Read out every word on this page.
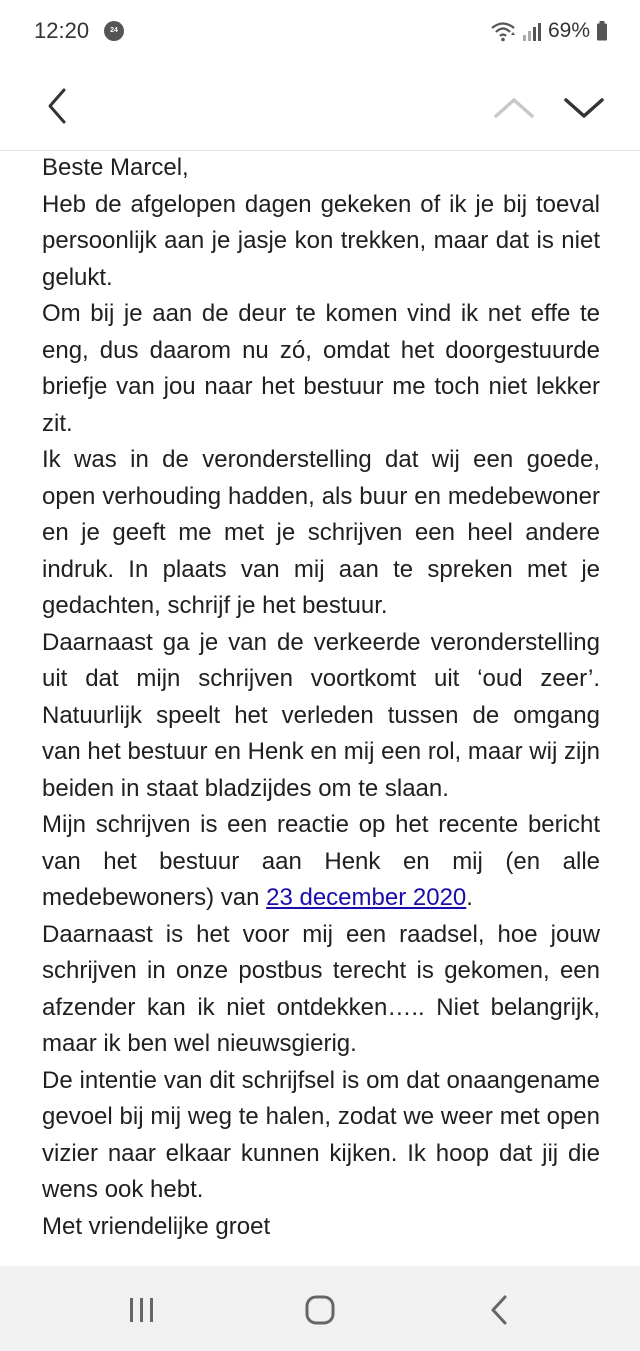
12:20	24 DAILY
69%

Beste Marcel,

Heb de afgelopen dagen gekeken of ik je bij toeval persoonlijk aan je jasje kon trekken, maar dat is niet gelukt.

Om bij je aan de deur te komen vind ik net effe te eng, dus daarom nu zó, omdat het doorgestuurde briefje van jou naar het bestuur me toch niet lekker zit.

Ik was in de veronderstelling dat wij een goede, open verhouding hadden, als buur en medebewoner en je geeft me met je schrijven een heel andere indruk. In plaats van mij aan te spreken met je gedachten, schrijf je het bestuur.

Daarnaast ga je van de verkeerde veronderstelling uit dat mijn schrijven voortkomt uit ‘oud zeer’. Natuurlijk speelt het verleden tussen de omgang van het bestuur en Henk en mij een rol, maar wij zijn beiden in staat bladzijdes om te slaan.

Mijn schrijven is een reactie op het recente bericht van het bestuur aan Henk en mij (en alle medebewoners) van 23 december 2020.

Daarnaast is het voor mij een raadsel, hoe jouw schrijven in onze postbus terecht is gekomen, een afzender kan ik niet ontdekken….. Niet belangrijk, maar ik ben wel nieuwsgierig.

De intentie van dit schrijfsel is om dat onaangename gevoel bij mij weg te halen, zodat we weer met open vizier naar elkaar kunnen kijken. Ik hoop dat jij die wens ook hebt.

Met vriendelijke groet
